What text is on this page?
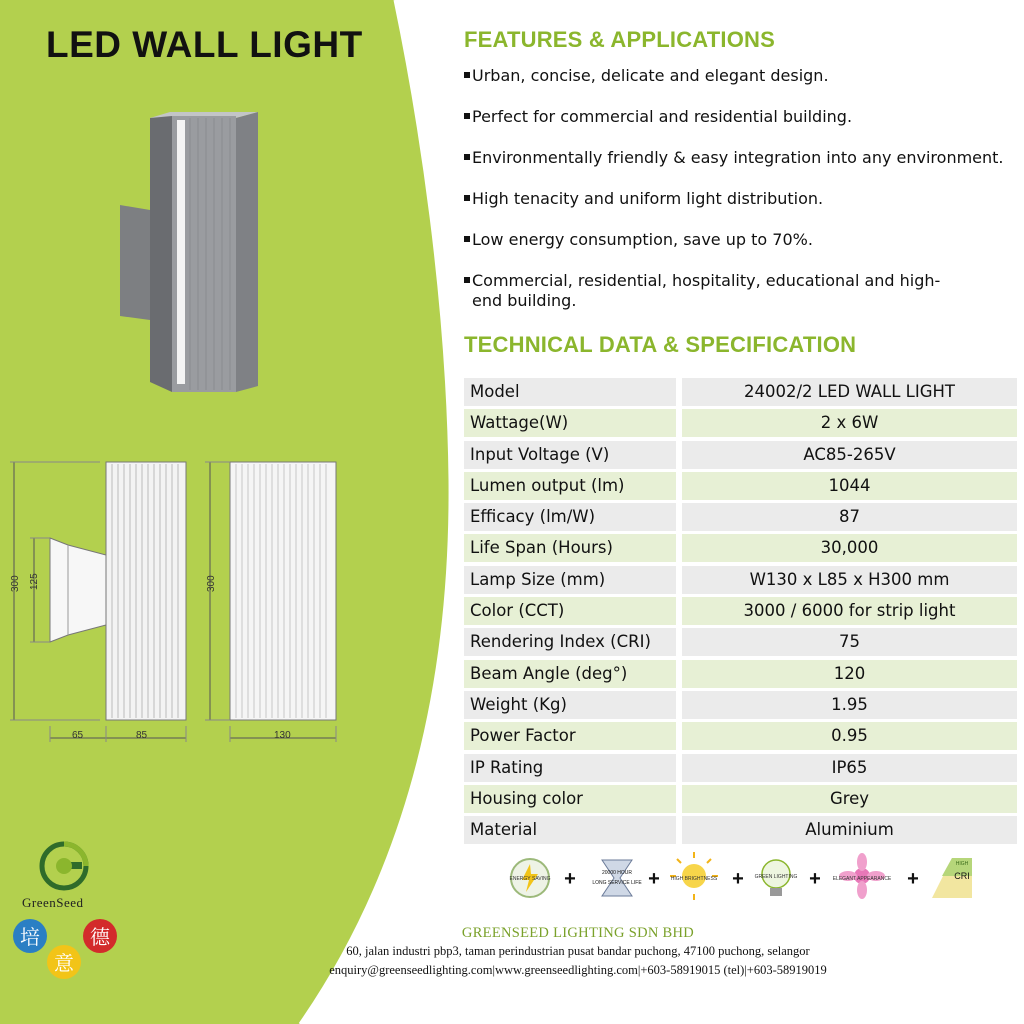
300 125
65	85
300
130
培
意
德
GreenSeed
LED WALL LIGHT	FEATURES & APPLICATIONS
Urban, concise, delicate and elegant design.
Perfect for commercial and residential building.
Environmentally friendly & easy integration into any environment.
High tenacity and uniform light distribution.
Low energy consumption, save up to 70%.
Commercial, residential, hospitality, educational and high-end building.
TECHNICAL DATA & SPECIFICATION
Model	24002/2 LED WALL LIGHT
Wattage(W)	2 x 6W
Input Voltage (V)	AC85-265V
Lumen output (lm)	1044
Efficacy (lm/W)	87
Life Span (Hours)	30,000
Lamp Size (mm)	W130 x L85 x H300 mm
Color (CCT)	3000 / 6000 for strip light
Rendering Index (CRI)	75
Beam Angle (deg°)	120
Weight (Kg)	1.95
Power Factor	0.95
IP Rating	IP65
Housing color	Grey
Material	Aluminium
ENERGY SAVING +	20000 HOUR
LONG SERVICE LIFE + HIGH BRIGHTNESS + GREEN LIGHTING + ELEGANT APPEARANCE +
HIGH
CRI
GREENSEED LIGHTING SDN BHD
60, jalan industri pbp3, taman perindustrian pusat bandar puchong, 47100 puchong, selangor
enquiry@greenseedlighting.com|www.greenseedlighting.com|+603-58919015 (tel)|+603-58919019
